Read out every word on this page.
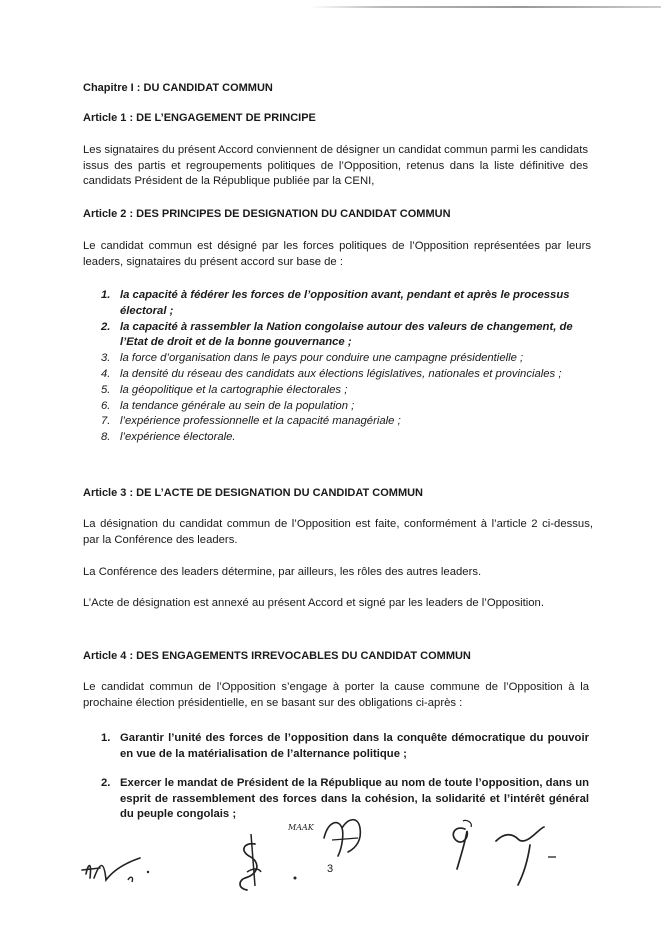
Chapitre I : DU CANDIDAT COMMUN

Article 1 : DE L’ENGAGEMENT DE PRINCIPE

Les signataires du présent Accord conviennent de désigner un candidat commun parmi les candidats issus des partis et regroupements politiques de l’Opposition, retenus dans la liste définitive des candidats Président de la République publiée par la CENI,

Article 2 : DES PRINCIPES DE DESIGNATION DU CANDIDAT COMMUN

Le candidat commun est désigné par les forces politiques de l’Opposition représentées par leurs leaders, signataires du présent accord sur base de :

1. la capacité à fédérer les forces de l’opposition avant, pendant et après le processus électoral ;
2. la capacité à rassembler la Nation congolaise autour des valeurs de changement, de l’Etat de droit et de la bonne gouvernance ;
3. la force d’organisation dans le pays pour conduire une campagne présidentielle ;
4. la densité du réseau des candidats aux élections législatives, nationales et provinciales ;
5. la géopolitique et la cartographie électorales ;
6. la tendance générale au sein de la population ;
7. l’expérience professionnelle et la capacité managériale ;
8. l’expérience électorale.

Article 3 : DE L’ACTE DE DESIGNATION DU CANDIDAT COMMUN

La désignation du candidat commun de l’Opposition est faite, conformément à l’article 2 ci-dessus, par la Conférence des leaders.

La Conférence des leaders détermine, par ailleurs, les rôles des autres leaders.

L’Acte de désignation est annexé au présent Accord et signé par les leaders de l’Opposition.

Article 4 : DES ENGAGEMENTS IRREVOCABLES DU CANDIDAT COMMUN

Le candidat commun de l’Opposition s’engage à porter la cause commune de l’Opposition à la prochaine élection présidentielle, en se basant sur des obligations ci-après :

1. Garantir l’unité des forces de l’opposition dans la conquête démocratique du pouvoir en vue de la matérialisation de l’alternance politique ;
2. Exercer le mandat de Président de la République au nom de toute l’opposition, dans un esprit de rassemblement des forces dans la cohésion, la solidarité et l’intérêt général du peuple congolais ;
3
MAAK
